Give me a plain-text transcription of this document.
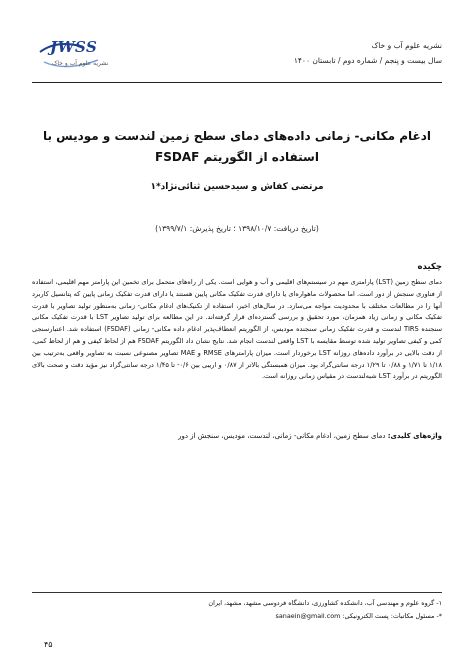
JWSS
نشریه علوم آب و خاک
نشریه علوم آب و خاک
سال بیست و پنجم / شماره دوم / تابستان ۱۴۰۰
ادغام مکانی- زمانی داده‌های دمای سطح زمین لندست و مودیس با استفاده از الگوریتم FSDAF
مرتضی کفاش و سیدحسین ثنائی‌نژاد*۱
(تاریخ دریافت: ۱۳۹۸/۱۰/۷ ؛ تاریخ پذیرش: ۱۳۹۹/۷/۱)
چکیده
دمای سطح زمین (LST) پارامتری مهم در سیستم‌های اقلیمی و آب و هوایی است. یکی از راه‌های متحمل برای تخمین این پارامتر مهم اقلیمی، استفاده از فناوری سنجش از دور است. اما محصولات ماهواره‌ای یا دارای قدرت تفکیک مکانی پایین هستند یا دارای قدرت تفکیک زمانی پایین که پتانسیل کاربرد آنها را در مطالعات مختلف با محدودیت مواجه می‌سازد. در سال‌های اخیر، استفاده از تکنیک‌های ادغام مکانی- زمانی به‌منظور تولید تصاویر با قدرت تفکیک مکانی و زمانی زیاد همزمان، مورد تحقیق و بررسی گسترده‌ای قرار گرفته‌اند. در این مطالعه برای تولید تصاویر LST با قدرت تفکیک مکانی سنجنده TIRS لندست و قدرت تفکیک زمانی سنجنده مودیس، از الگوریتم انعطاف‌پذیر ادغام داده مکانی- زمانی (FSDAF) استفاده شد. اعتبارسنجی کمی و کیفی تصاویر تولید شده توسط مقایسه با LST واقعی لندست انجام شد. نتایج نشان داد الگوریتم FSDAF هم از لحاظ کیفی و هم از لحاظ کمی، از دقت بالایی در برآورد داده‌های روزانه LST برخوردار است. میزان پارامترهای RMSE و MAE تصاویر مصنوعی نسبت به تصاویر واقعی به‌ترتیب بین ۱/۱۸ تا ۱/۷۱ و ۰/۸۸ تا ۱/۲۹ درجه سانتی‌گراد بود. میزان همبستگی بالاتر از ۰/۸۷ و اریبی بین ۰/۶- تا ۱/۴۵ درجه سانتی‌گراد نیز مؤید دقت و صحت بالای الگوریتم در برآورد LST شبه‌لندست در مقیاس زمانی روزانه است.
واژه‌های کلیدی: دمای سطح زمین، ادغام مکانی- زمانی، لندست، مودیس، سنجش از دور
۱- گروه علوم و مهندسی آب، دانشکده کشاورزی، دانشگاه فردوسی مشهد، مشهد، ایران
*- مسئول مکاتبات: پست الکترونیکی: sanaein@gmail.com
۴۵
